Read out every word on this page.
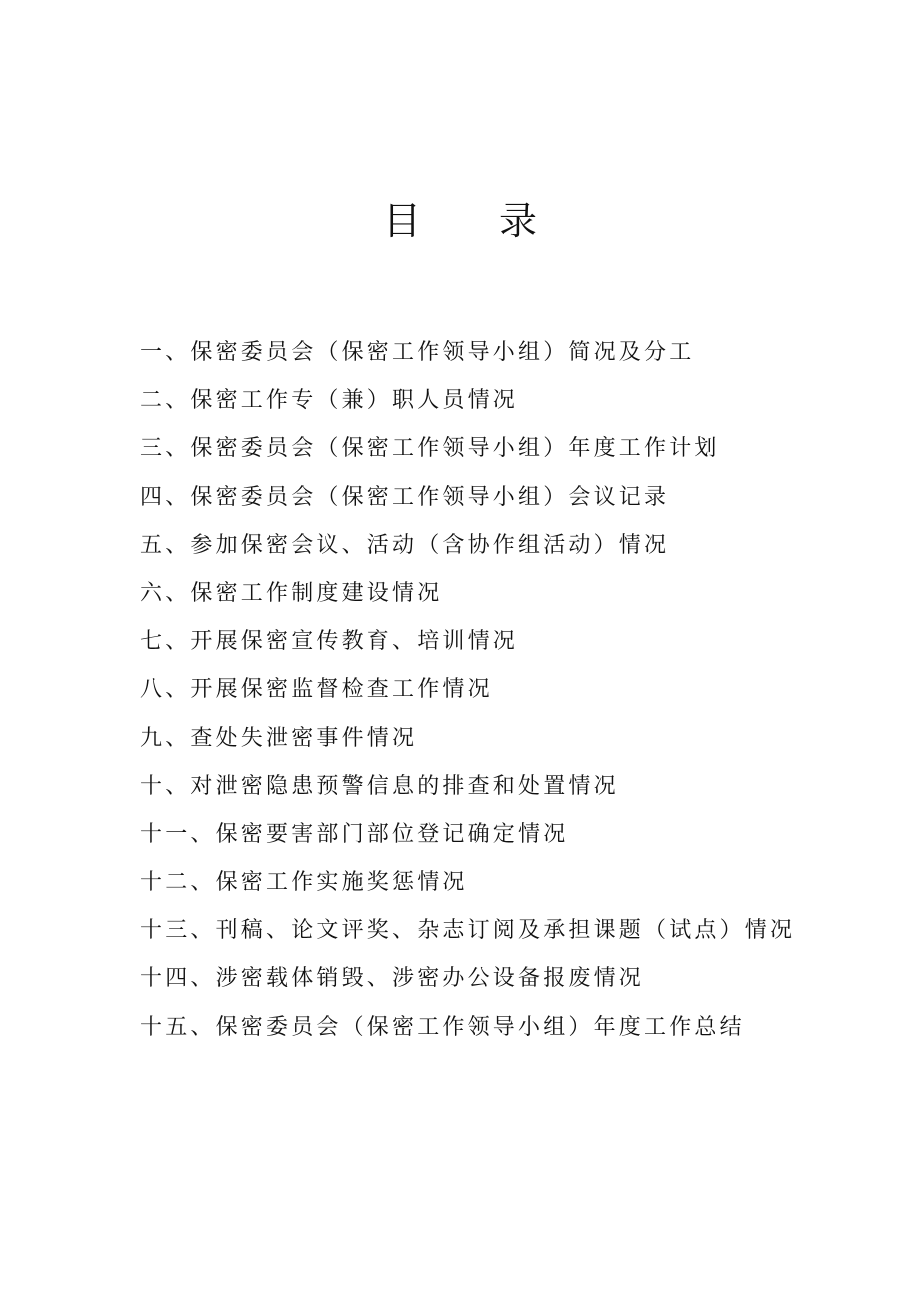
目录
一、保密委员会（保密工作领导小组）简况及分工
二、保密工作专（兼）职人员情况
三、保密委员会（保密工作领导小组）年度工作计划
四、保密委员会（保密工作领导小组）会议记录
五、参加保密会议、活动（含协作组活动）情况
六、保密工作制度建设情况
七、开展保密宣传教育、培训情况
八、开展保密监督检查工作情况
九、查处失泄密事件情况
十、对泄密隐患预警信息的排查和处置情况
十一、保密要害部门部位登记确定情况
十二、保密工作实施奖惩情况
十三、刊稿、论文评奖、杂志订阅及承担课题（试点）情况
十四、涉密载体销毁、涉密办公设备报废情况
十五、保密委员会（保密工作领导小组）年度工作总结
